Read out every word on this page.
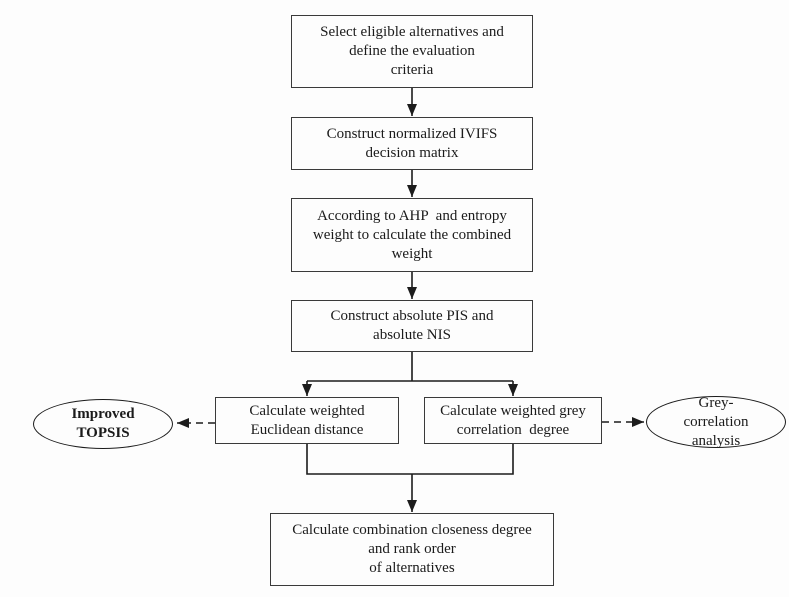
Select eligible alternatives and
define the evaluation
criteria
Construct normalized IVIFS
decision matrix
According to AHP  and entropy
weight to calculate the combined
weight
Construct absolute PIS and
absolute NIS
Calculate weighted
Euclidean distance
Calculate weighted grey
correlation  degree
Improved
TOPSIS
Grey-
correlation
analysis
Calculate combination closeness degree
and rank order
of alternatives
